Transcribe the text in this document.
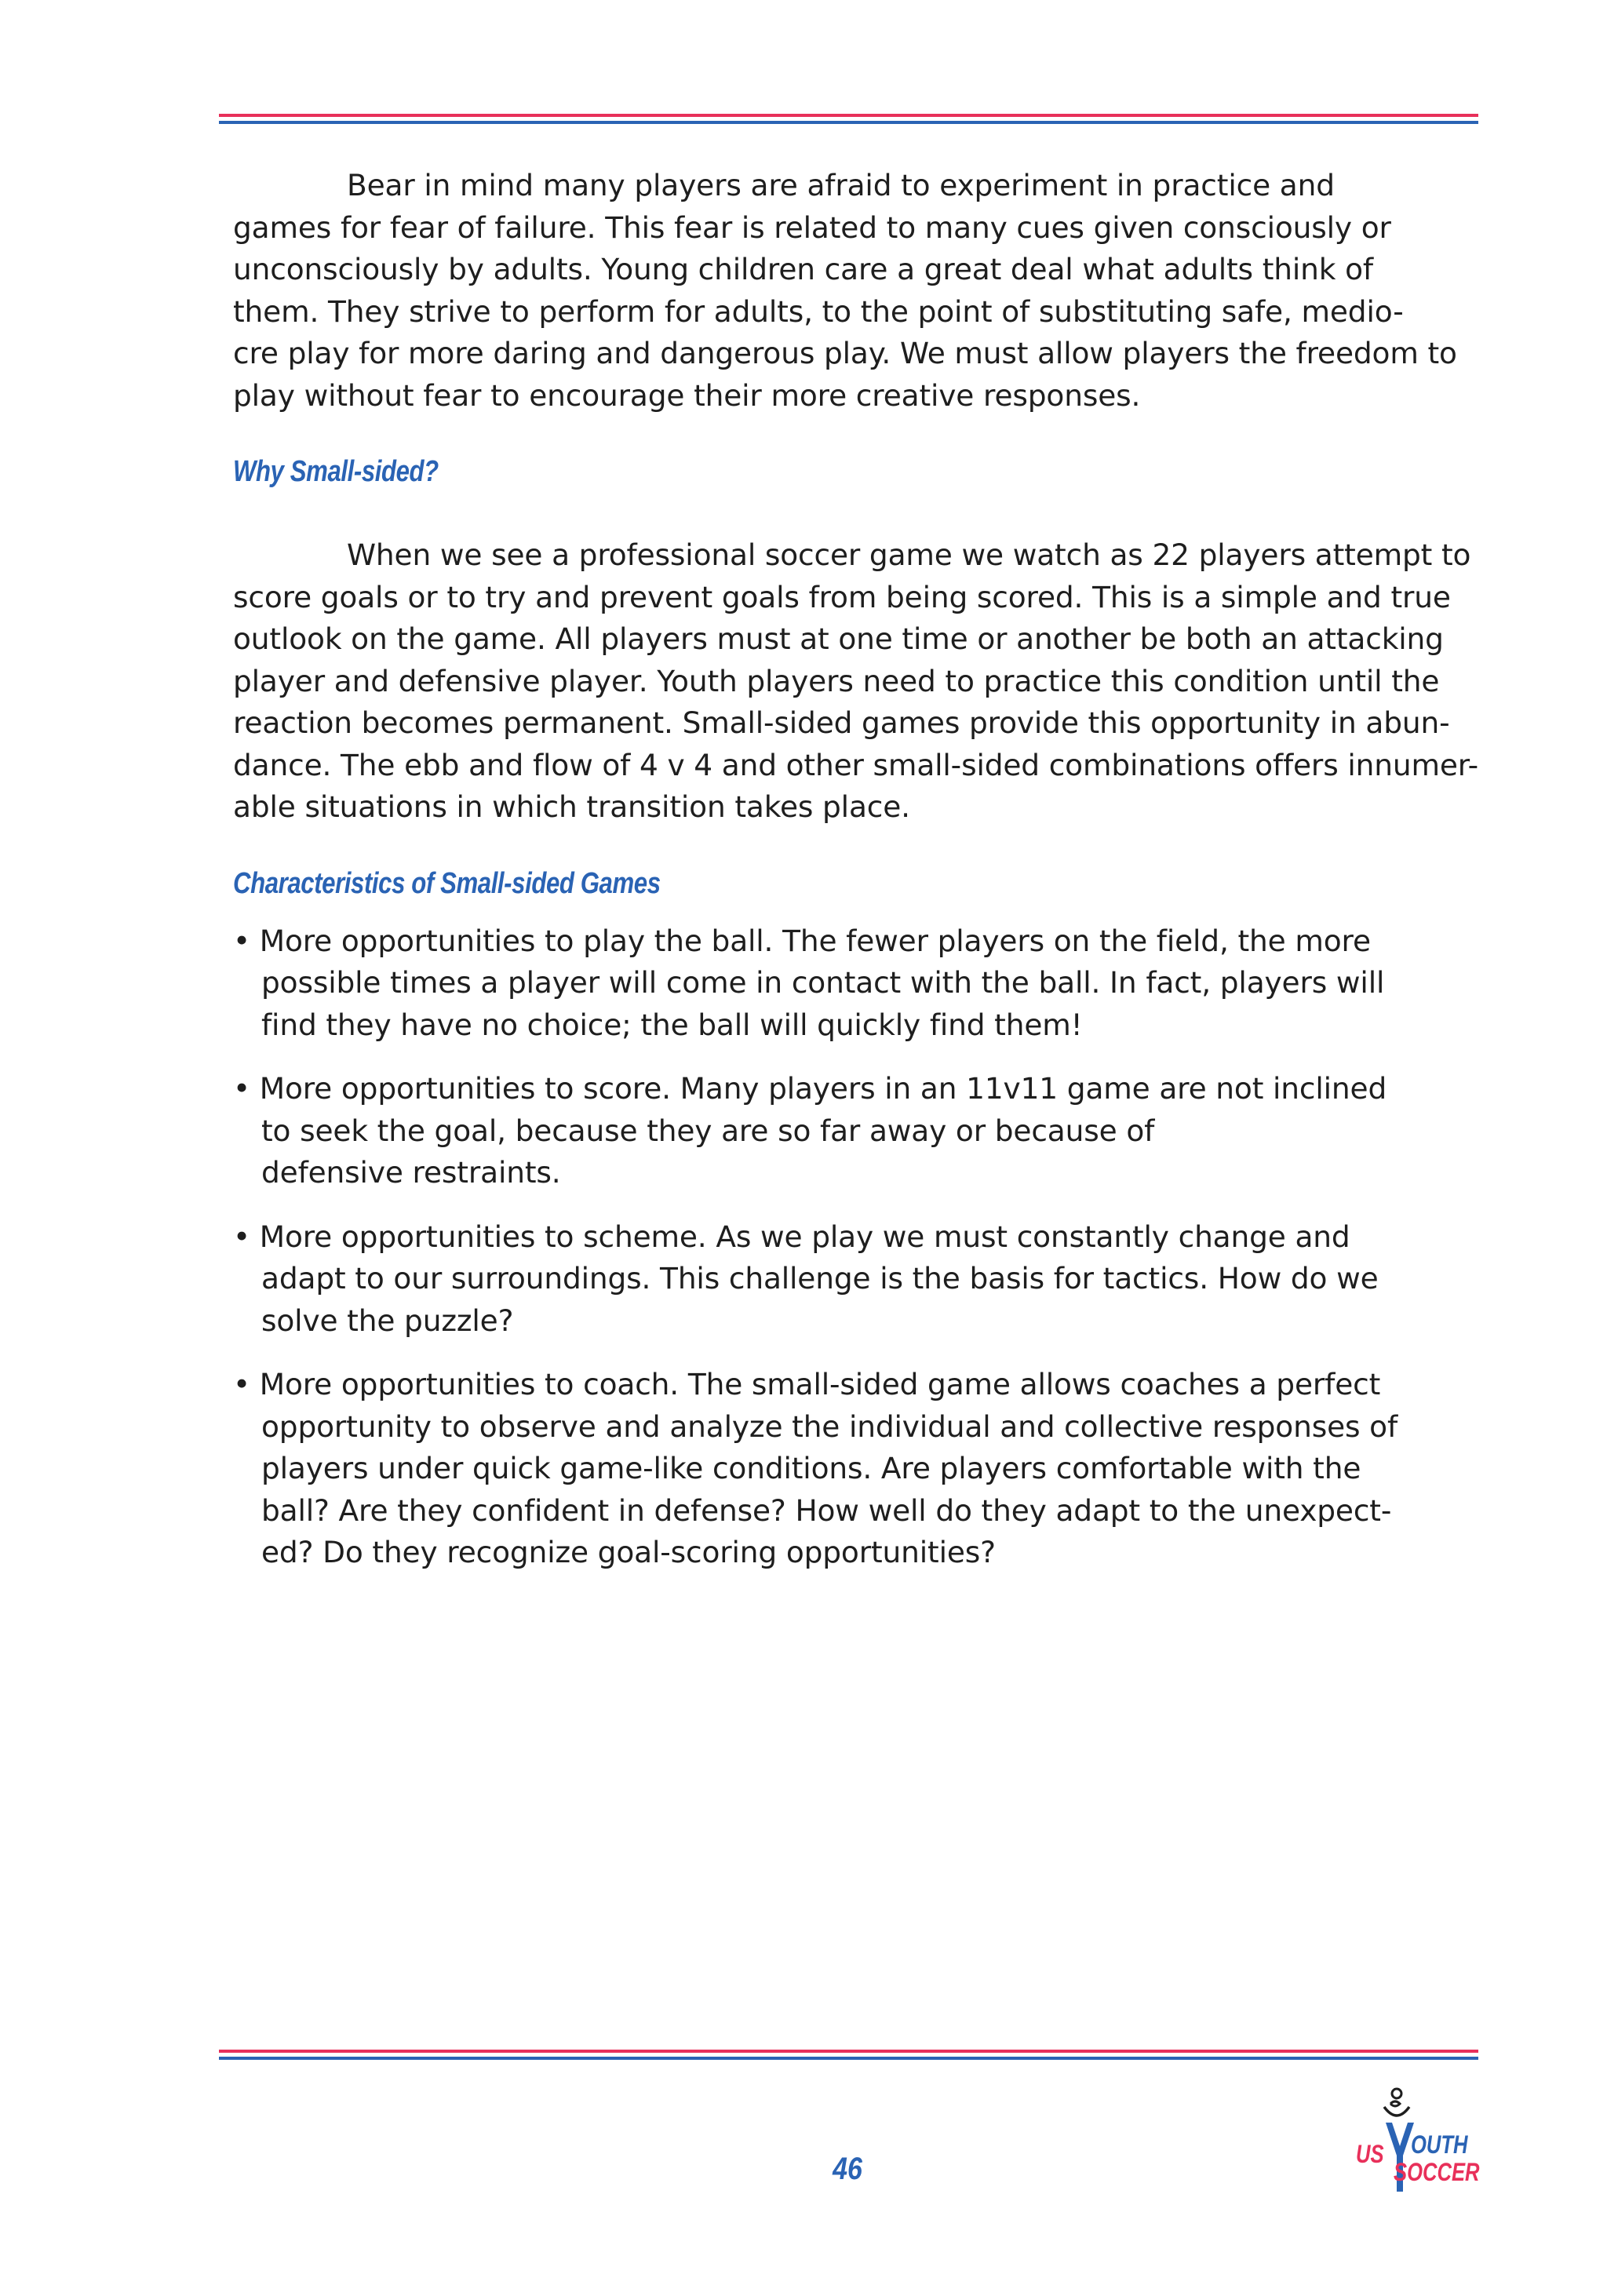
Bear in mind many players are afraid to experiment in practice and
games for fear of failure. This fear is related to many cues given consciously or
unconsciously by adults. Young children care a great deal what adults think of
them. They strive to perform for adults, to the point of substituting safe, medio-
cre play for more daring and dangerous play. We must allow players the freedom to
play without fear to encourage their more creative responses.

Why Small-sided?

When we see a professional soccer game we watch as 22 players attempt to
score goals or to try and prevent goals from being scored. This is a simple and true
outlook on the game. All players must at one time or another be both an attacking
player and defensive player. Youth players need to practice this condition until the
reaction becomes permanent. Small-sided games provide this opportunity in abun-
dance. The ebb and flow of 4 v 4 and other small-sided combinations offers innumer-
able situations in which transition takes place.

Characteristics of Small-sided Games
• More opportunities to play the ball. The fewer players on the field, the more
possible times a player will come in contact with the ball. In fact, players will
find they have no choice; the ball will quickly find them!
• More opportunities to score. Many players in an 11v11 game are not inclined
to seek the goal, because they are so far away or because of
defensive restraints.
• More opportunities to scheme. As we play we must constantly change and
adapt to our surroundings. This challenge is the basis for tactics. How do we
solve the puzzle?
• More opportunities to coach. The small-sided game allows coaches a perfect
opportunity to observe and analyze the individual and collective responses of
players under quick game-like conditions. Are players comfortable with the
ball? Are they confident in defense? How well do they adapt to the unexpect-
ed? Do they recognize goal-scoring opportunities?
46	US OUTH
SOCCER
